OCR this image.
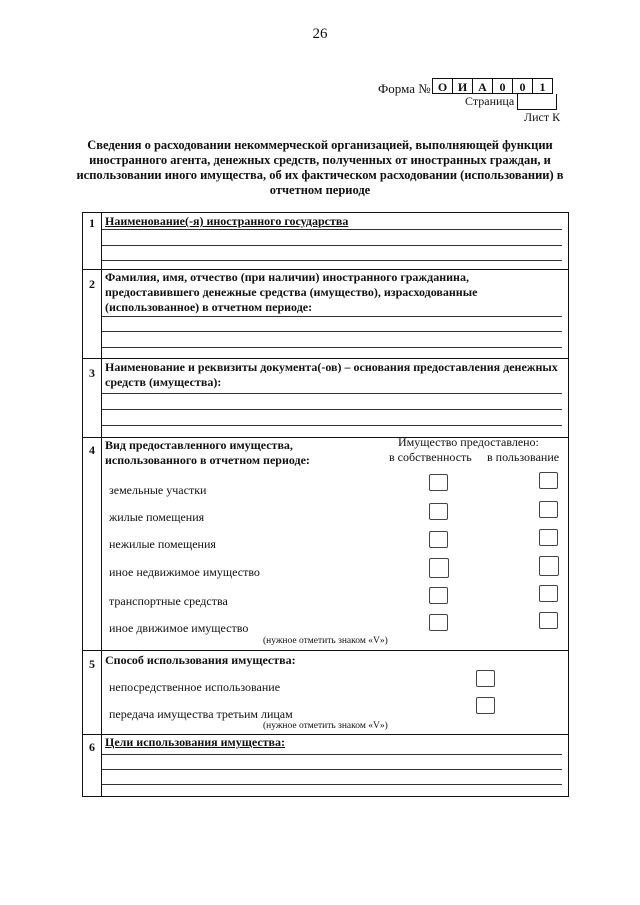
26
Форма № О И А	0	0	1
Страница
Лист К
Сведения о расходовании некоммерческой организацией, выполняющей функции иностранного агента, денежных средств, полученных от иностранных граждан, и использовании иного имущества, об их фактическом расходовании (использовании) в отчетном периоде
1 Наименование(-я) иностранного государства
2 Фамилия, имя, отчество (при наличии) иностранного гражданина, предоставившего денежные средства (имущество), израсходованные (использованное) в отчетном периоде:
3 Наименование и реквизиты документа(-ов) – основания предоставления денежных средств (имущества):
4 Вид предоставленного имущества, использованного в отчетном периоде:
Имущество предоставлено:
в собственность в пользование
земельные участки
жилые помещения
нежилые помещения
иное недвижимое имущество
транспортные средства
иное движимое имущество
(нужное отметить знаком «V»)
5 Способ использования имущества:
непосредственное использование
передача имущества третьим лицам
(нужное отметить знаком «V»)
6 Цели использования имущества:
